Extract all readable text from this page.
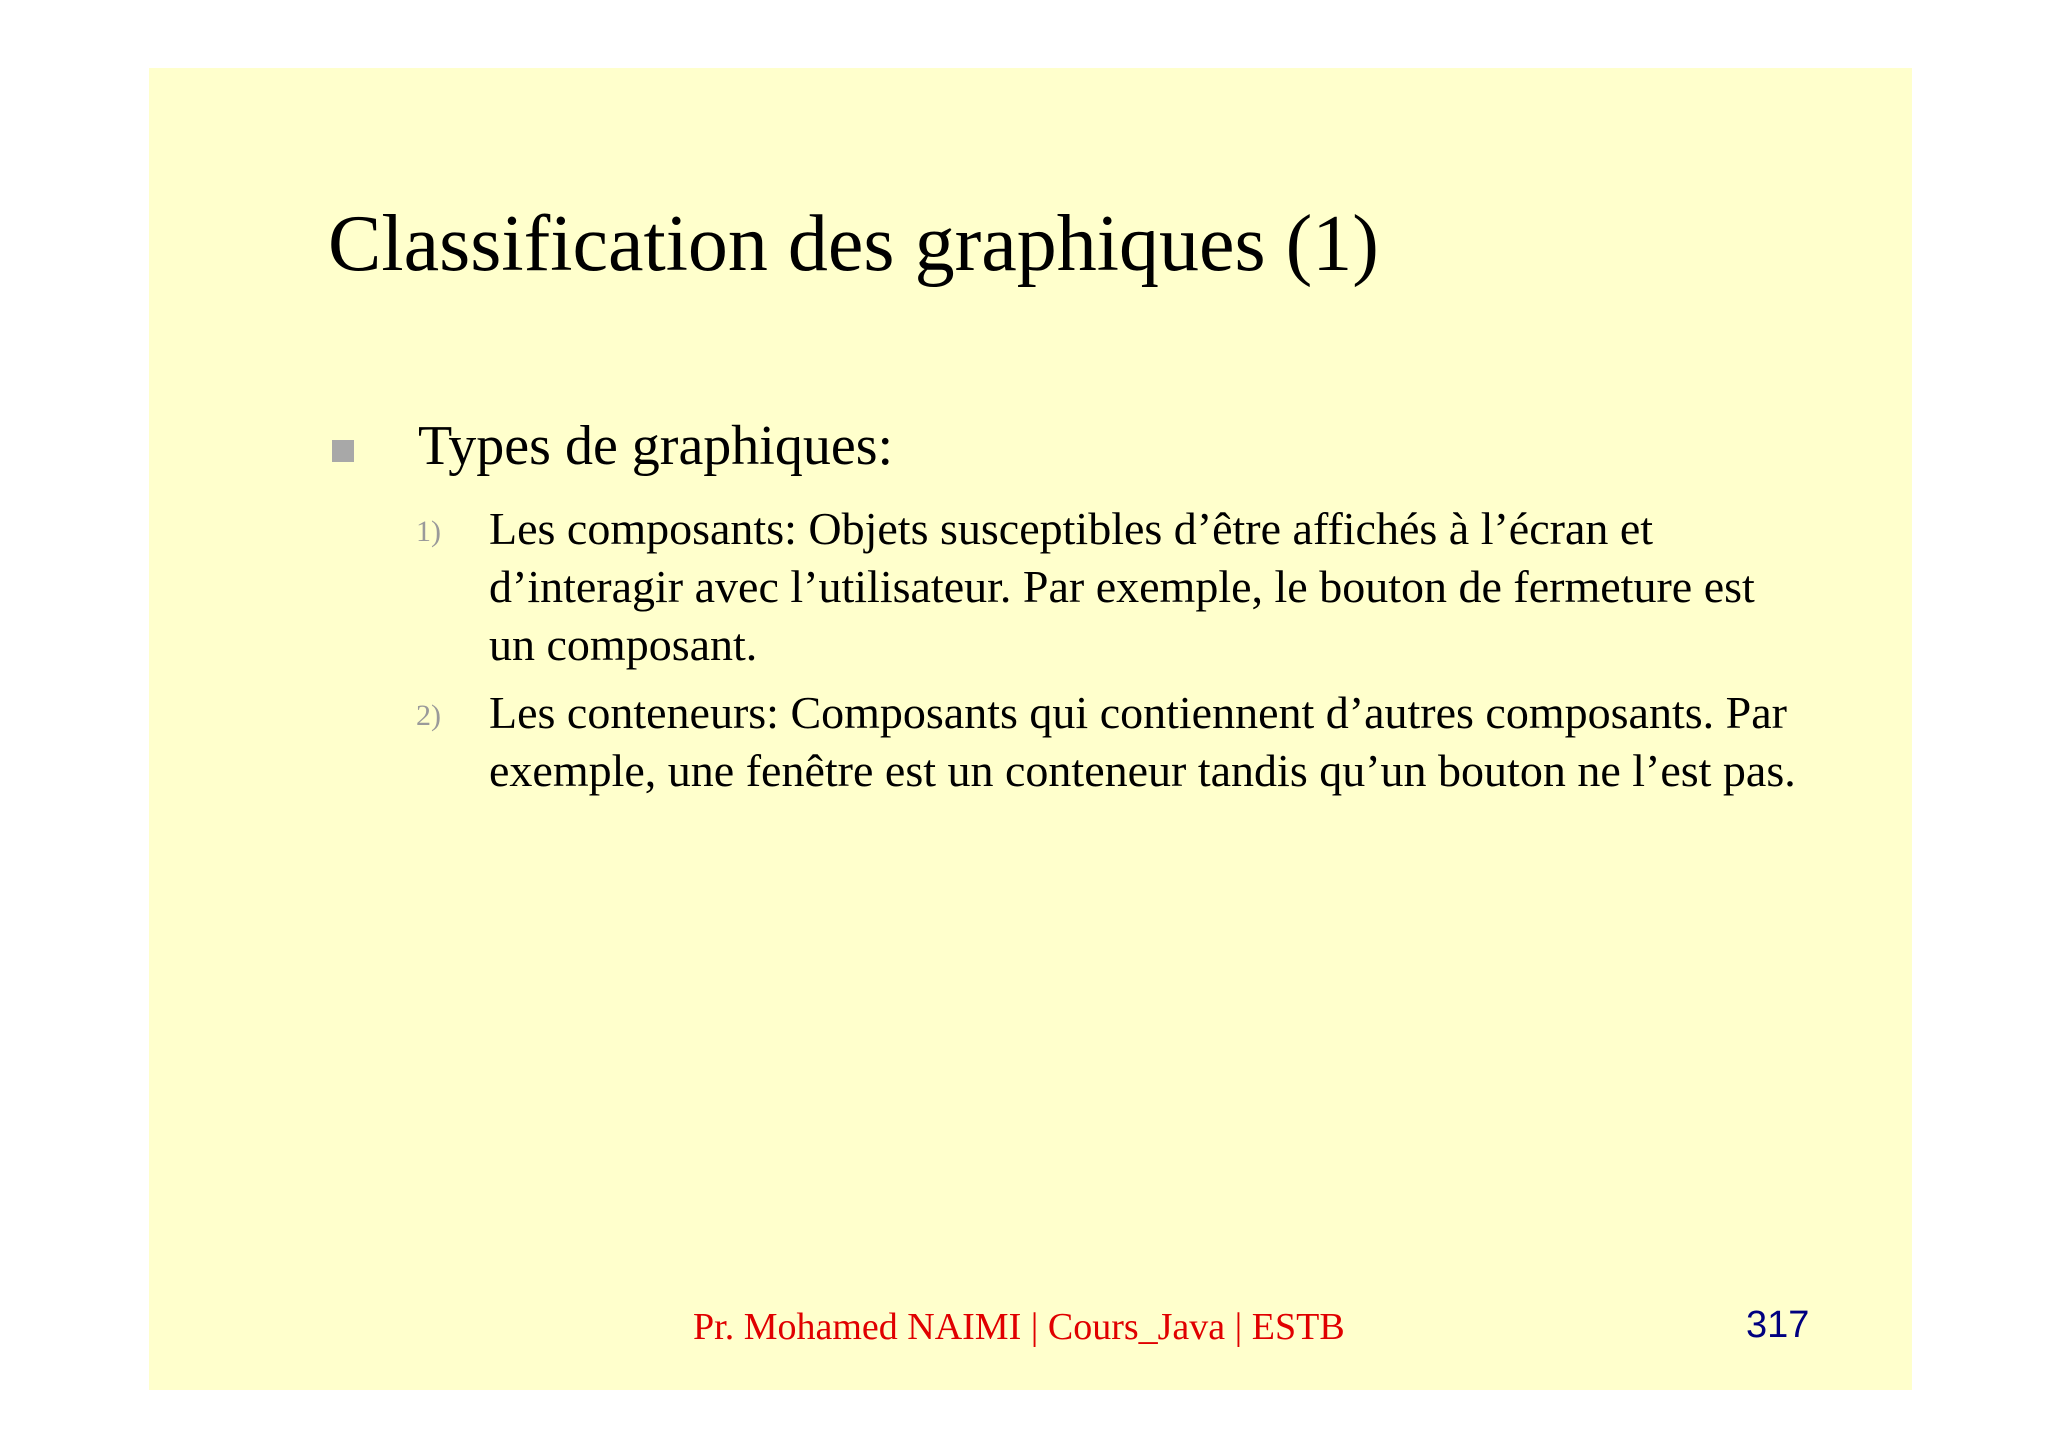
Classification des graphiques (1)
Types de graphiques:
1) Les composants: Objets susceptibles d’être affichés à l’écran et d’interagir avec l’utilisateur. Par exemple, le bouton de fermeture est un composant.
2) Les conteneurs: Composants qui contiennent d’autres composants. Par exemple, une fenêtre est un conteneur tandis qu’un bouton ne l’est pas.
Pr. Mohamed NAIMI | Cours_Java | ESTB	317
